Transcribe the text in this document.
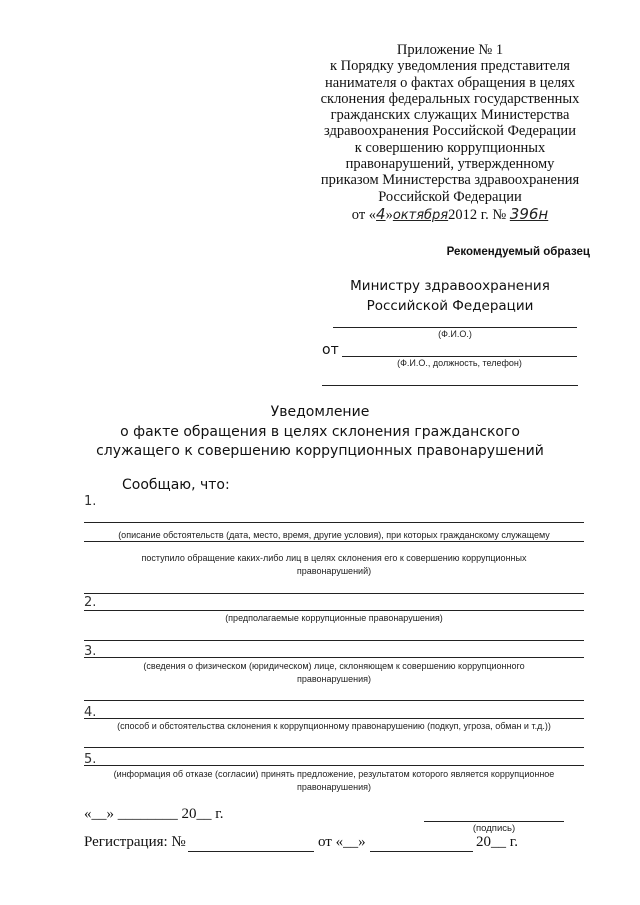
Приложение № 1
к Порядку уведомления представителя
нанимателя о фактах обращения в целях
склонения федеральных государственных
гражданских служащих Министерства
здравоохранения Российской Федерации
к совершению коррупционных
правонарушений, утвержденному
приказом Министерства здравоохранения
Российской Федерации
от «4»октября2012 г. № 396н
Рекомендуемый образец
Министру здравоохранения
Российской Федерации
(Ф.И.О.)
от
(Ф.И.О., должность, телефон)
Уведомление
о факте обращения в целях склонения гражданского
служащего к совершению коррупционных правонарушений
Сообщаю, что:
1.
(описание обстоятельств (дата, место, время, другие условия), при которых гражданскому служащему
поступило обращение каких-либо лиц в целях склонения его к совершению коррупционных
правонарушений)
2.
(предполагаемые коррупционные правонарушения)
3.
(сведения о физическом (юридическом) лице, склоняющем к совершению коррупционного
правонарушения)
4.
(способ и обстоятельства склонения к коррупционному правонарушению (подкуп, угроза, обман и т.д.))
5.
(информация об отказе (согласии) принять предложение, результатом которого является коррупционное
правонарушения)
«__» ________ 20__ г.
(подпись)
Регистрация: №	от «__»	20__ г.
